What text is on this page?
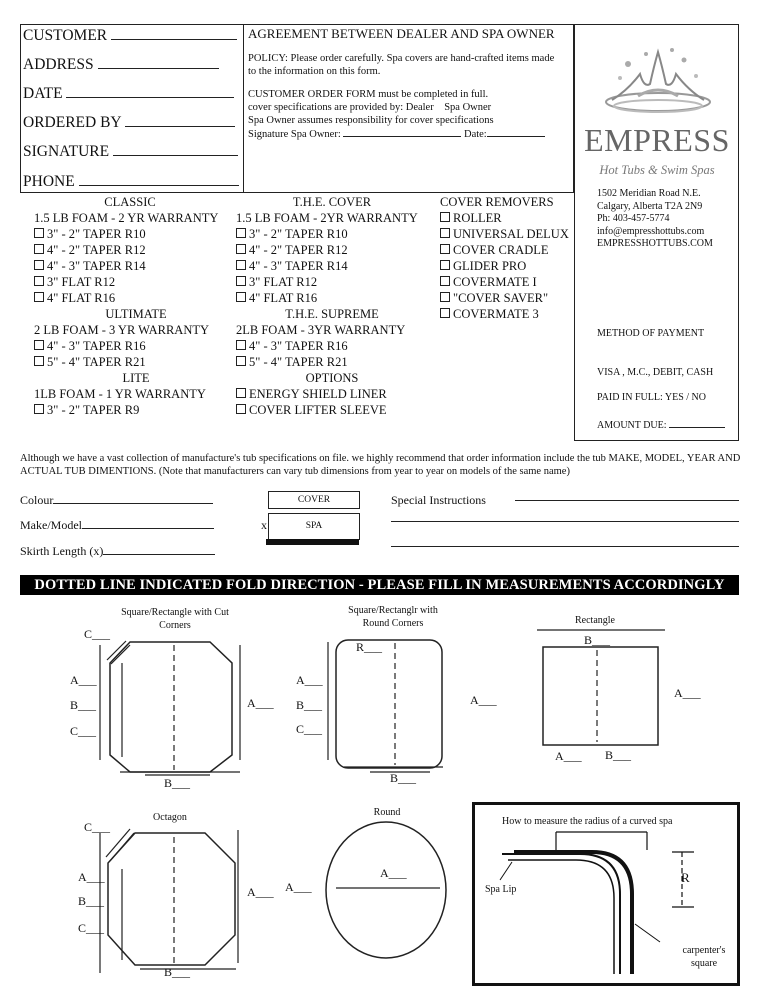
CUSTOMER
ADDRESS
DATE
ORDERED BY
SIGNATURE
PHONE
AGREEMENT BETWEEN DEALER AND SPA OWNER
POLICY: Please order carefully. Spa covers are hand-crafted items made to the information on this form.
CUSTOMER ORDER FORM must be completed in full.
cover specifications are provided by: Dealer    Spa Owner
Spa Owner assumes responsibility for cover specifications
Signature Spa Owner:	Date:	EMPRESS
Hot Tubs & Swim Spas
1502 Meridian Road N.E.
Calgary, Alberta T2A 2N9
Ph: 403-457-5774
info@empresshottubs.com
EMPRESSHOTTUBS.COM
METHOD OF PAYMENT
VISA , M.C., DEBIT, CASH
PAID IN FULL: YES / NO
AMOUNT DUE:
CLASSIC
1.5 LB FOAM - 2 YR WARRANTY
3" - 2" TAPER R10
4" - 2" TAPER R12
4" - 3" TAPER R14
3" FLAT R12
4" FLAT R16
ULTIMATE
2 LB FOAM - 3 YR WARRANTY
4" - 3" TAPER R16
5" - 4" TAPER R21
LITE
1LB FOAM - 1 YR WARRANTY
3" - 2" TAPER R9
T.H.E. COVER
1.5 LB FOAM - 2YR WARRANTY
3" - 2" TAPER R10
4" - 2" TAPER R12
4" - 3" TAPER R14
3" FLAT R12
4" FLAT R16
T.H.E. SUPREME
2LB FOAM - 3YR WARRANTY
4" - 3" TAPER R16
5" - 4" TAPER R21
OPTIONS
ENERGY SHIELD LINER
COVER LIFTER SLEEVE
COVER REMOVERS
ROLLER
UNIVERSAL DELUX
COVER CRADLE
GLIDER PRO
COVERMATE I
"COVER SAVER"
COVERMATE 3
Although we have a vast collection of manufacture's tub specifications on file. we highly recommend that order information include the tub MAKE, MODEL, YEAR AND ACTUAL TUB DIMENTIONS. (Note that manufacturers can vary tub dimensions from year to year on models of the same name)
Colour
Make/Model
Skirth Length (x)
COVER
SPA
x
Special Instructions
DOTTED LINE INDICATED FOLD DIRECTION - PLEASE FILL IN MEASUREMENTS ACCORDINGLY
Square/Rectangle with Cut Corners
C___
A___
B___
C___
A___
B___
Square/Rectanglr with Round Corners
R___
A___
B___
C___
A___
B___
Rectangle
B___
A___
A___ B___
Octagon
C___
A___
B___
C___
A___
B___
Round
A___
A___
How to measure the radius of a curved spa
R
Spa Lip
carpenter's square
